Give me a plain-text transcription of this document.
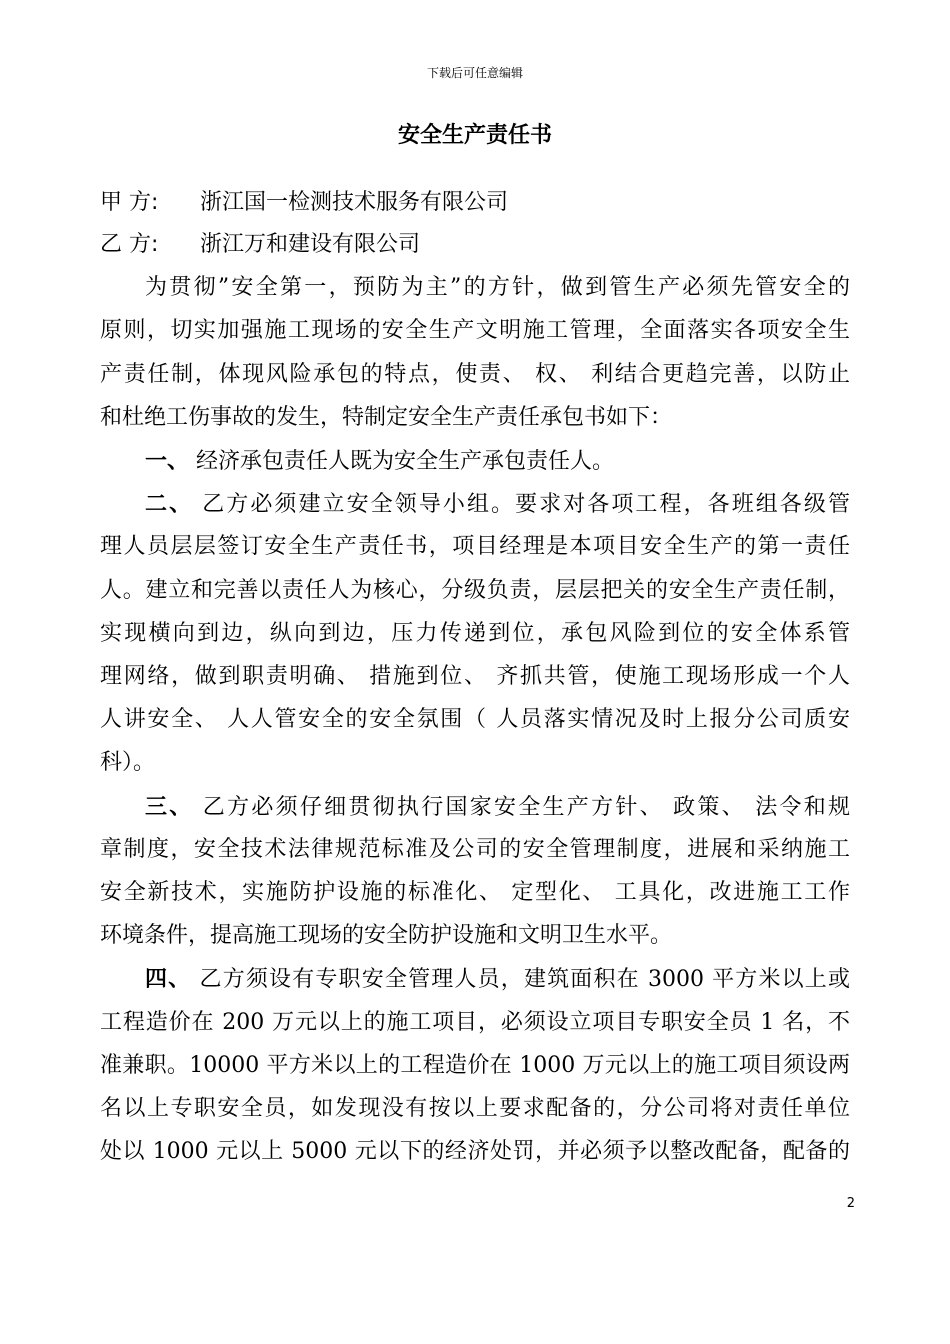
下载后可任意编辑
安全生产责任书
甲 方: 浙江国一检测技术服务有限公司
乙 方: 浙江万和建设有限公司
为贯彻”安全第一，预防为主”的方针，做到管生产必须先管安全的
原则，切实加强施工现场的安全生产文明施工管理，全面落实各项安全生
产责任制，体现风险承包的特点，使责、 权、 利结合更趋完善，以防止
和杜绝工伤事故的发生，特制定安全生产责任承包书如下：
一、 经济承包责任人既为安全生产承包责任人。
二、 乙方必须建立安全领导小组。要求对各项工程，各班组各级管
理人员层层签订安全生产责任书，项目经理是本项目安全生产的第一责任
人。建立和完善以责任人为核心，分级负责，层层把关的安全生产责任制，
实现横向到边，纵向到边，压力传递到位，承包风险到位的安全体系管
理网络，做到职责明确、 措施到位、 齐抓共管，使施工现场形成一个人
人讲安全、 人人管安全的安全氛围（ 人员落实情况及时上报分公司质安
科）。
三、 乙方必须仔细贯彻执行国家安全生产方针、 政策、 法令和规
章制度，安全技术法律规范标准及公司的安全管理制度，进展和采纳施工
安全新技术，实施防护设施的标准化、 定型化、 工具化，改进施工工作
环境条件，提高施工现场的安全防护设施和文明卫生水平。
四、 乙方须设有专职安全管理人员，建筑面积在 3000 平方米以上或
工程造价在 200 万元以上的施工项目，必须设立项目专职安全员 1 名，不
准兼职。10000 平方米以上的工程造价在 1000 万元以上的施工项目须设两
名以上专职安全员，如发现没有按以上要求配备的，分公司将对责任单位
处以 1000 元以上 5000 元以下的经济处罚，并必须予以整改配备，配备的
2
